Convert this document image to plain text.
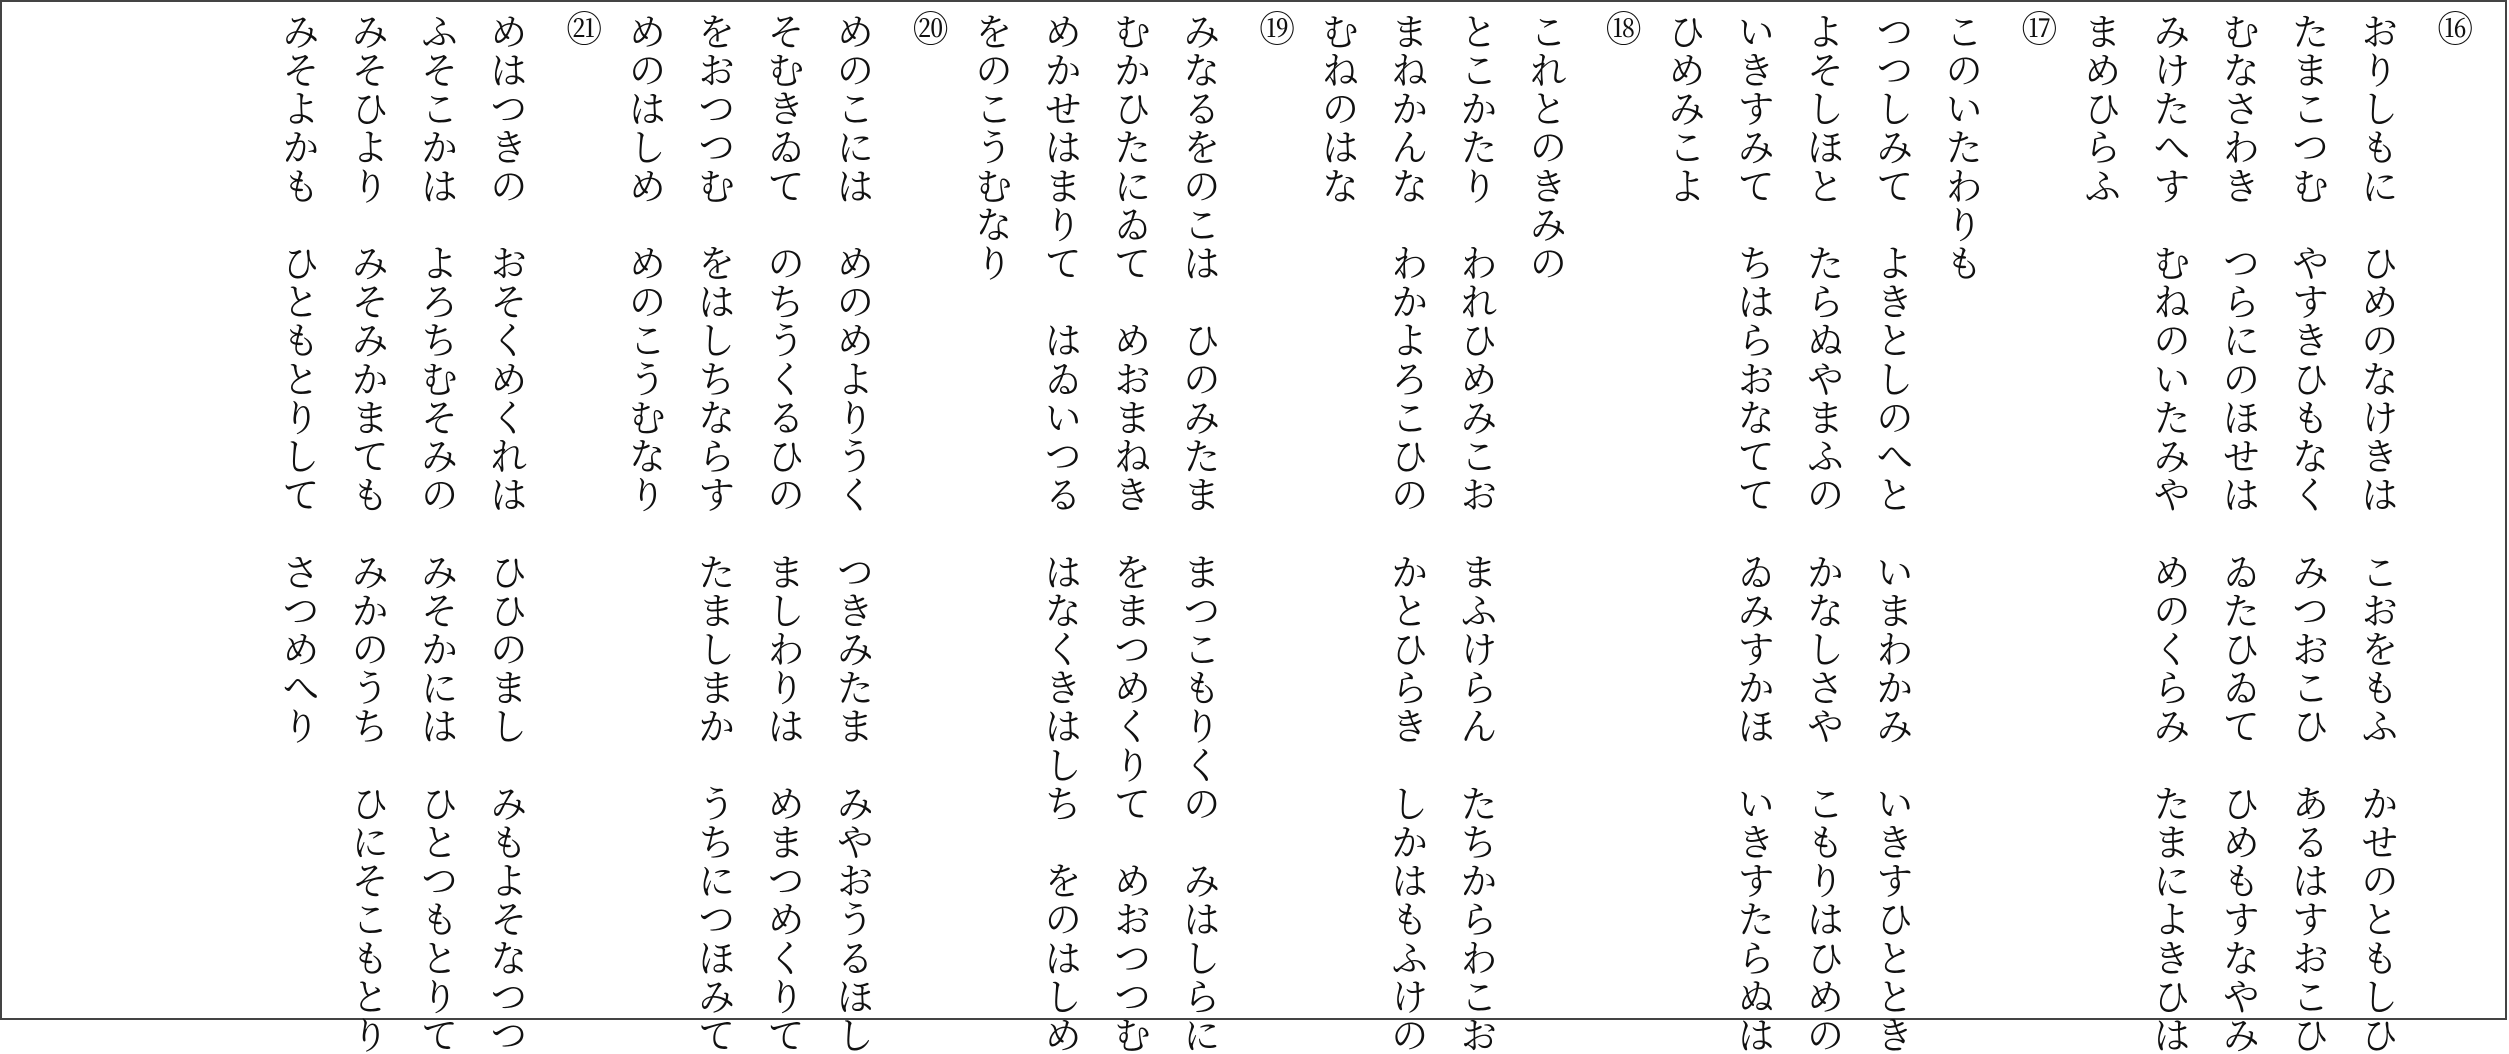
⑯
おりしもに　ひめのなけきは　こおをもふ　かせのともしひ
たまこつむ　やすきひもなく　みつおこひ　あるはすおこひ
むなさわき　つらにのほせは　ゐたひゐて　ひめもすなやみ
みけたへす　むねのいたみや　めのくらみ　たまによきひは
まめひらふ
⑰
このいたわりも
つつしみて　よきとしのへと　いまわかみ　いきすひととき
よそしほと　たらぬやまふの　かなしさや　こもりはひめの
いきすみて　ちはらおなてて　ゐみすかほ　いきすたらぬは
ひめみこよ
⑱
これとのきみの
とこかたり　われひめみこお　まふけらん　たちからわこお
まねかんな　わかよろこひの　かとひらき　しかはもふけの
むねのはな
⑲
みなるをのこは　ひのみたま　まつこもりくの　みはしらに
むかひたにゐて　めおまねき　をまつめくりて　めおつつむ
めかせはまりて　はゐいつる　はなくきはしち　をのはしめ
をのこうむなり
⑳
めのこには　めのめよりうく　つきみたま　みやおうるほし
そむきゐて　のちうくるひの　ましわりは　めまつめくりて
をおつつむ　をはしちならす　たましまか　うちにつほみて
めのはしめ　めのこうむなり
㉑
めはつきの　おそくめくれは　ひひのまし　みもよそなつつ
ふそこかは　よろちむそみの　みそかには　ひとつもとりて
みそひより　みそみかまても　みかのうち　ひにそこもとり
みそよかも　ひともとりして　さつめへり
